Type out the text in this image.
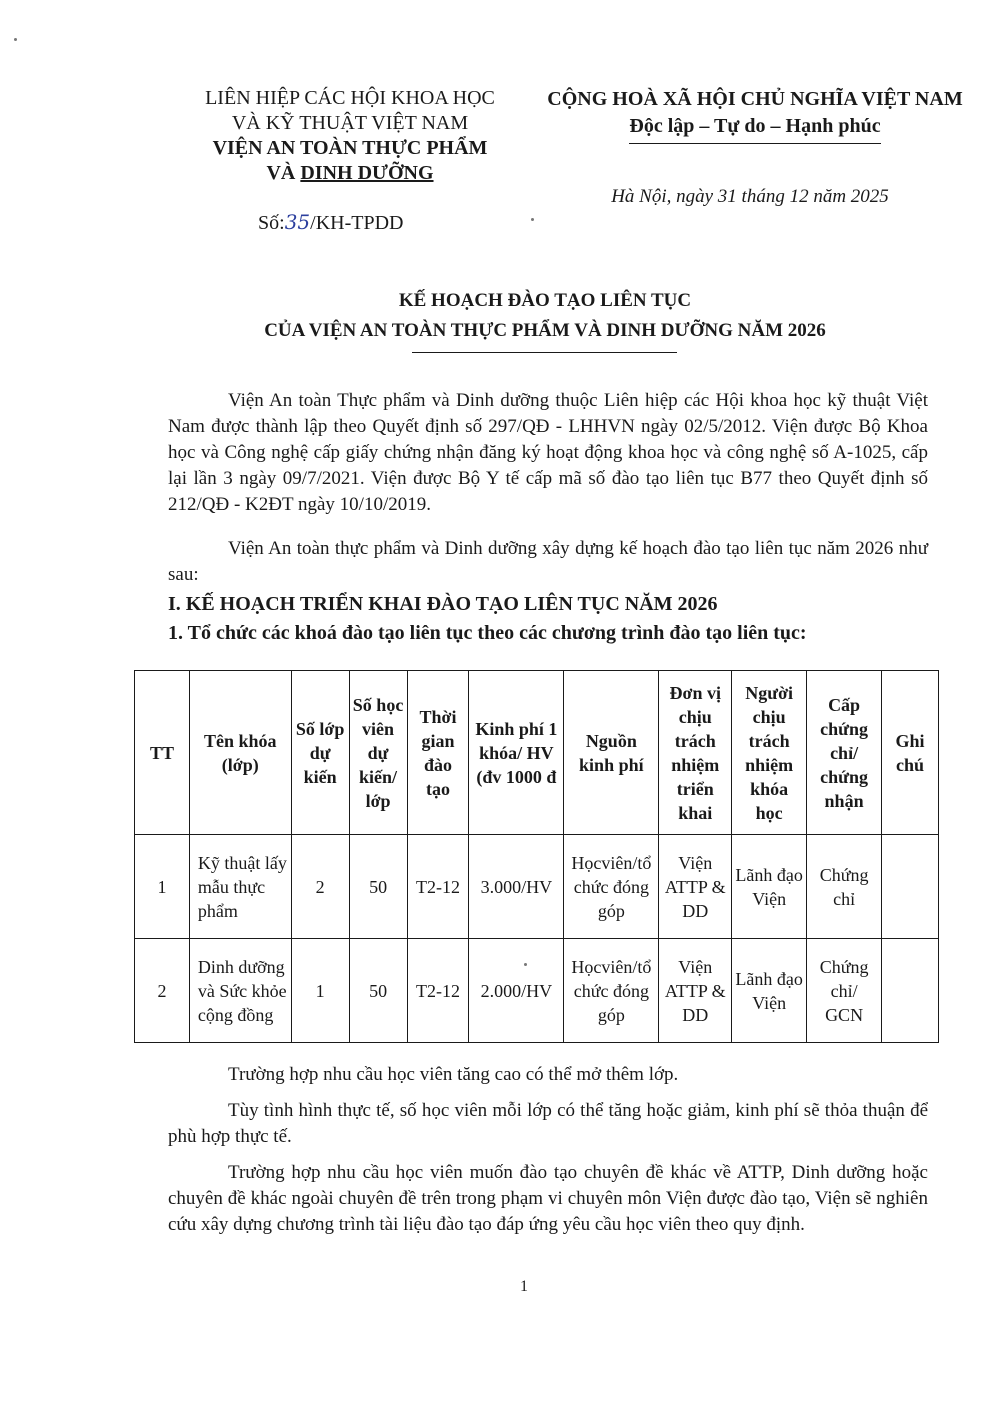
LIÊN HIỆP CÁC HỘI KHOA HỌC
VÀ KỸ THUẬT VIỆT NAM
VIỆN AN TOÀN THỰC PHẨM
VÀ DINH DƯỠNG
Số:35/KH-TPDD
CỘNG HOÀ XÃ HỘI CHỦ NGHĨA VIỆT NAM
Độc lập – Tự do – Hạnh phúc
Hà Nội, ngày 31 tháng 12 năm 2025
KẾ HOẠCH ĐÀO TẠO LIÊN TỤC
CỦA VIỆN AN TOÀN THỰC PHẨM VÀ DINH DƯỠNG NĂM 2026

Viện An toàn Thực phẩm và Dinh dưỡng thuộc Liên hiệp các Hội khoa học kỹ thuật Việt Nam được thành lập theo Quyết định số 297/QĐ - LHHVN ngày 02/5/2012. Viện được Bộ Khoa học và Công nghệ cấp giấy chứng nhận đăng ký hoạt động khoa học và công nghệ số A-1025, cấp lại lần 3 ngày 09/7/2021. Viện được Bộ Y tế cấp mã số đào tạo liên tục B77 theo Quyết định số 212/QĐ - K2ĐT ngày 10/10/2019.

Viện An toàn thực phẩm và Dinh dưỡng xây dựng kế hoạch đào tạo liên tục năm 2026 như sau:

I. KẾ HOẠCH TRIỂN KHAI ĐÀO TẠO LIÊN TỤC NĂM 2026
1. Tổ chức các khoá đào tạo liên tục theo các chương trình đào tạo liên tục:
TT	Tên khóa (lớp)	Số lớp dự kiến	Số học viên dự kiến/ lớp	Thời gian đào tạo	Kinh phí 1 khóa/ HV (đv 1000 đ	Nguồn kinh phí	Đơn vị chịu trách nhiệm triển khai	Người chịu trách nhiệm khóa học	Cấp chứng chỉ/ chứng nhận	Ghi chú
1	Kỹ thuật lấy mẫu thực phẩm	2	50	T2-12	3.000/HV	Họcviên/tổ chức đóng góp	Viện ATTP & DD	Lãnh đạo Viện	Chứng chỉ	
2	Dinh dưỡng và Sức khỏe cộng đồng	1	50	T2-12	2.000/HV	Họcviên/tổ chức đóng góp	Viện ATTP & DD	Lãnh đạo Viện	Chứng chỉ/ GCN	

Trường hợp nhu cầu học viên tăng cao có thể mở thêm lớp.

Tùy tình hình thực tế, số học viên mỗi lớp có thể tăng hoặc giảm, kinh phí sẽ thỏa thuận để phù hợp thực tế.

Trường hợp nhu cầu học viên muốn đào tạo chuyên đề khác về ATTP, Dinh dưỡng hoặc chuyên đề khác ngoài chuyên đề trên trong phạm vi chuyên môn Viện được đào tạo, Viện sẽ nghiên cứu xây dựng chương trình tài liệu đào tạo đáp ứng yêu cầu học viên theo quy định.

1
